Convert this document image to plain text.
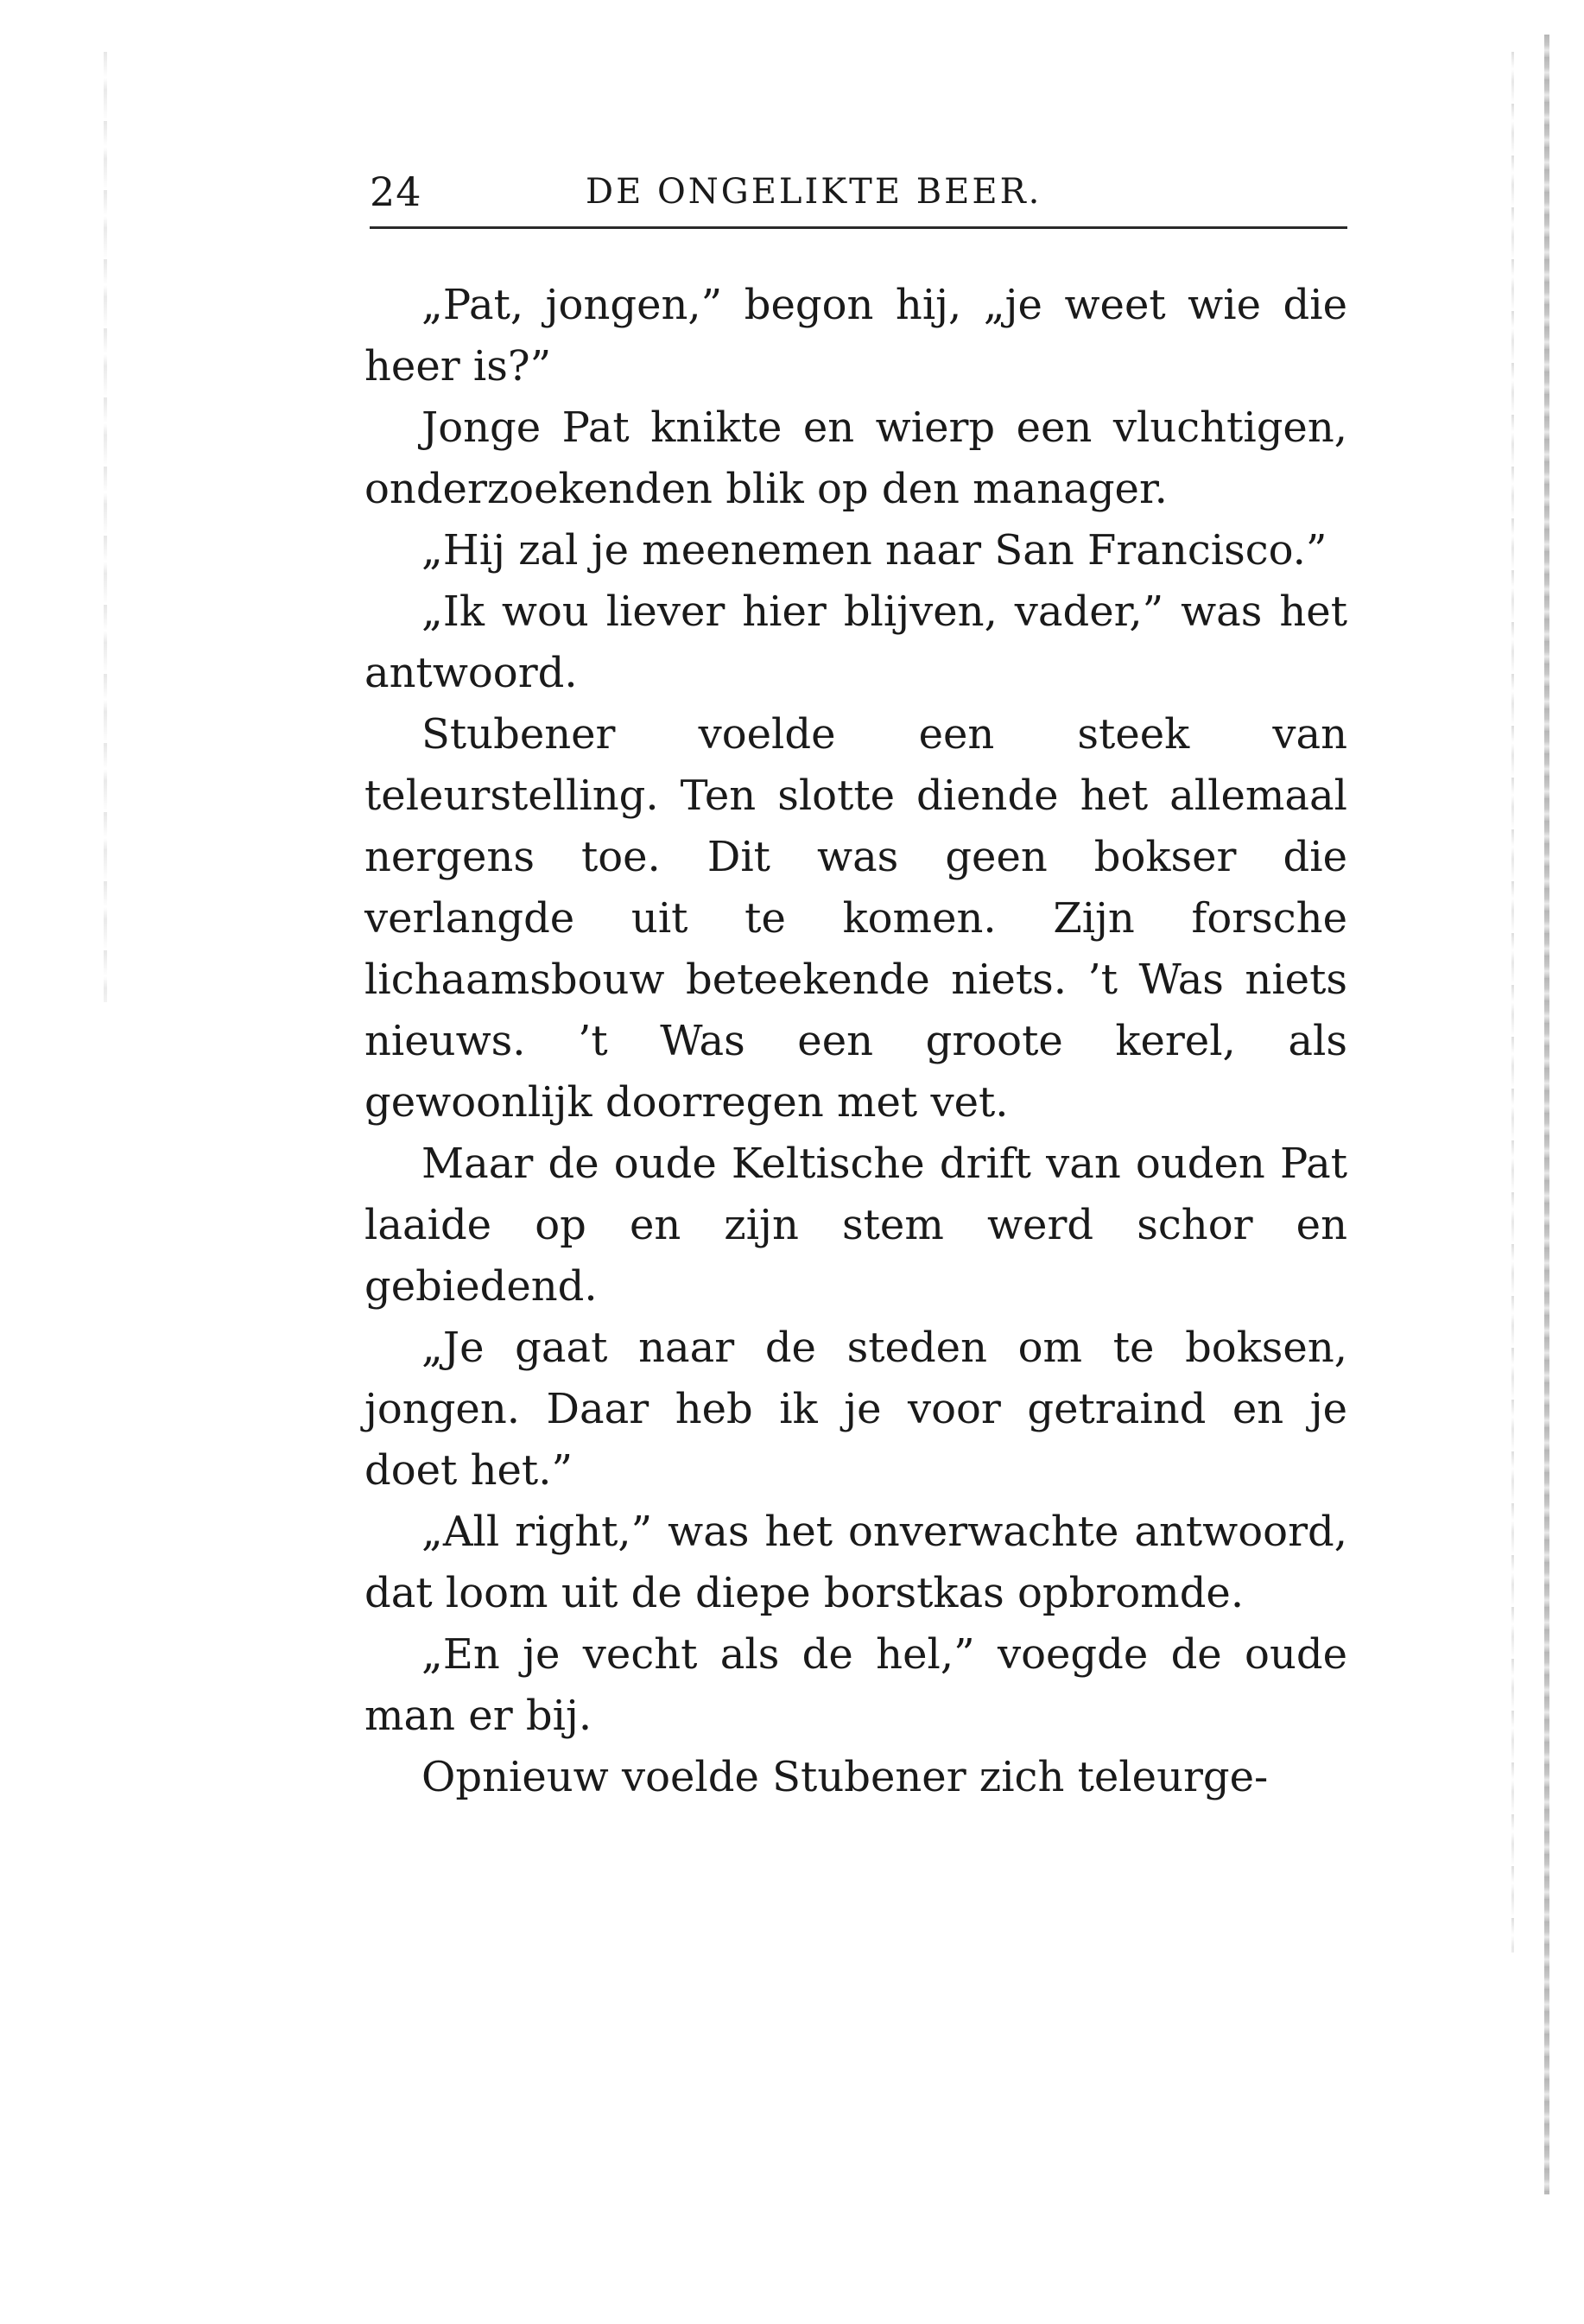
24	DE ONGELIKTE BEER.

„Pat, jongen,” begon hij, „je weet wie die heer is?”

Jonge Pat knikte en wierp een vluchtigen, onderzoekenden blik op den manager.

„Hij zal je meenemen naar San Francisco.”

„Ik wou liever hier blijven, vader,” was het antwoord.

Stubener voelde een steek van teleurstelling. Ten slotte diende het allemaal nergens toe. Dit was geen bokser die verlangde uit te komen. Zijn forsche lichaamsbouw beteekende niets. ’t Was niets nieuws. ’t Was een groote kerel, als gewoonlijk doorregen met vet.

Maar de oude Keltische drift van ouden Pat laaide op en zijn stem werd schor en gebiedend.

„Je gaat naar de steden om te boksen, jongen. Daar heb ik je voor getraind en je doet het.”

„All right,” was het onverwachte antwoord, dat loom uit de diepe borstkas opbromde.

„En je vecht als de hel,” voegde de oude man er bij.

Opnieuw voelde Stubener zich teleurge-
